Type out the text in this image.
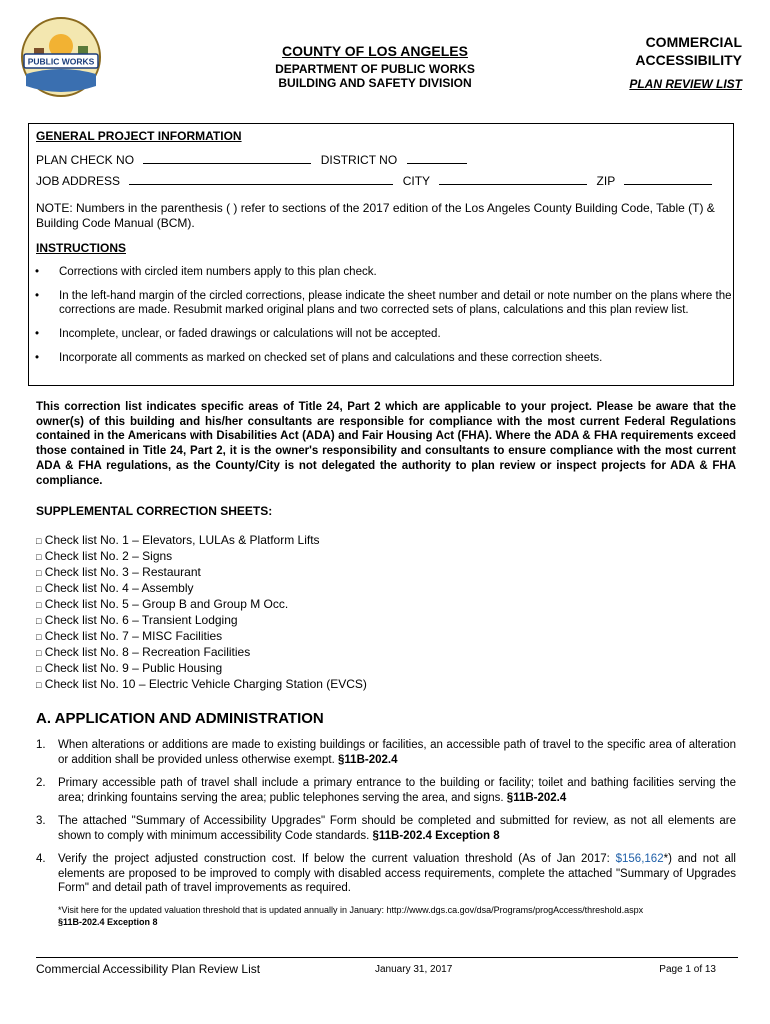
PUBLIC WORKS
COUNTY OF LOS ANGELES
DEPARTMENT OF PUBLIC WORKS
BUILDING AND SAFETY DIVISION
COMMERCIAL
ACCESSIBILITY
PLAN REVIEW LIST
GENERAL PROJECT INFORMATION
PLAN CHECK NO	DISTRICT NO
JOB ADDRESS	CITY	ZIP
NOTE: Numbers in the parenthesis ( ) refer to sections of the 2017 edition of the Los Angeles County Building Code, Table (T) & Building Code Manual (BCM).
INSTRUCTIONS
• Corrections with circled item numbers apply to this plan check.
• In the left-hand margin of the circled corrections, please indicate the sheet number and detail or note number on the plans where the corrections are made. Resubmit marked original plans and two corrected sets of plans, calculations and this plan review list.
• Incomplete, unclear, or faded drawings or calculations will not be accepted.
• Incorporate all comments as marked on checked set of plans and calculations and these correction sheets.
This correction list indicates specific areas of Title 24, Part 2 which are applicable to your project. Please be aware that the owner(s) of this building and his/her consultants are responsible for compliance with the most current Federal Regulations contained in the Americans with Disabilities Act (ADA) and Fair Housing Act (FHA). Where the ADA & FHA requirements exceed those contained in Title 24, Part 2, it is the owner's responsibility and consultants to ensure compliance with the most current ADA & FHA regulations, as the County/City is not delegated the authority to plan review or inspect projects for ADA & FHA compliance.
SUPPLEMENTAL CORRECTION SHEETS:
□ Check list No. 1 – Elevators, LULAs & Platform Lifts
□ Check list No. 2 – Signs
□ Check list No. 3 – Restaurant
□ Check list No. 4 – Assembly
□ Check list No. 5 – Group B and Group M Occ.
□ Check list No. 6 – Transient Lodging
□ Check list No. 7 – MISC Facilities
□ Check list No. 8 – Recreation Facilities
□ Check list No. 9 – Public Housing
□ Check list No. 10 – Electric Vehicle Charging Station (EVCS)
A. APPLICATION AND ADMINISTRATION
1. When alterations or additions are made to existing buildings or facilities, an accessible path of travel to the specific area of alteration or addition shall be provided unless otherwise exempt. §11B-202.4
2. Primary accessible path of travel shall include a primary entrance to the building or facility; toilet and bathing facilities serving the area; drinking fountains serving the area; public telephones serving the area, and signs. §11B-202.4
3. The attached "Summary of Accessibility Upgrades" Form should be completed and submitted for review, as not all elements are shown to comply with minimum accessibility Code standards. §11B-202.4 Exception 8
4. Verify the project adjusted construction cost. If below the current valuation threshold (As of Jan 2017: $156,162*) and not all elements are proposed to be improved to comply with disabled access requirements, complete the attached "Summary of Upgrades Form" and detail path of travel improvements as required.
*Visit here for the updated valuation threshold that is updated annually in January: http://www.dgs.ca.gov/dsa/Programs/progAccess/threshold.aspx
§11B-202.4 Exception 8
Commercial Accessibility Plan Review List	January 31, 2017	Page 1 of 13
